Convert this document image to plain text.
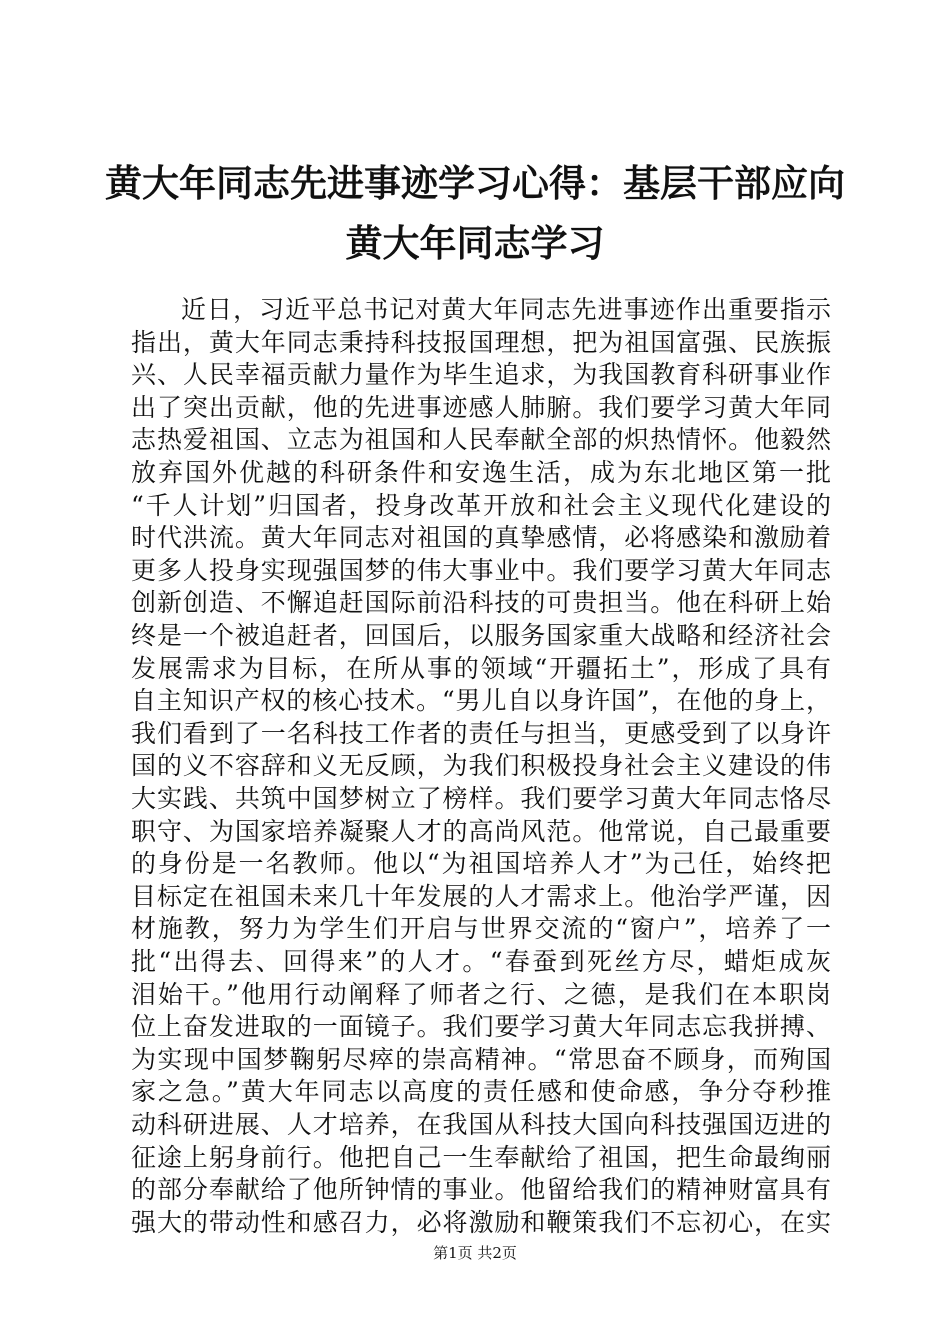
黄大年同志先进事迹学习心得：基层干部应向
黄大年同志学习
近日，习近平总书记对黄大年同志先进事迹作出重要指示
指出，黄大年同志秉持科技报国理想，把为祖国富强、民族振
兴、人民幸福贡献力量作为毕生追求，为我国教育科研事业作
出了突出贡献，他的先进事迹感人肺腑。我们要学习黄大年同
志热爱祖国、立志为祖国和人民奉献全部的炽热情怀。他毅然
放弃国外优越的科研条件和安逸生活，成为东北地区第一批
“千人计划”归国者，投身改革开放和社会主义现代化建设的
时代洪流。黄大年同志对祖国的真挚感情，必将感染和激励着
更多人投身实现强国梦的伟大事业中。我们要学习黄大年同志
创新创造、不懈追赶国际前沿科技的可贵担当。他在科研上始
终是一个被追赶者，回国后，以服务国家重大战略和经济社会
发展需求为目标，在所从事的领域“开疆拓土”，形成了具有
自主知识产权的核心技术。“男儿自以身许国”，在他的身上，
我们看到了一名科技工作者的责任与担当，更感受到了以身许
国的义不容辞和义无反顾，为我们积极投身社会主义建设的伟
大实践、共筑中国梦树立了榜样。我们要学习黄大年同志恪尽
职守、为国家培养凝聚人才的高尚风范。他常说，自己最重要
的身份是一名教师。他以“为祖国培养人才”为己任，始终把
目标定在祖国未来几十年发展的人才需求上。他治学严谨，因
材施教，努力为学生们开启与世界交流的“窗户”，培养了一
批“出得去、回得来”的人才。“春蚕到死丝方尽，蜡炬成灰
泪始干。”他用行动阐释了师者之行、之德，是我们在本职岗
位上奋发进取的一面镜子。我们要学习黄大年同志忘我拼搏、
为实现中国梦鞠躬尽瘁的崇高精神。“常思奋不顾身，而殉国
家之急。”黄大年同志以高度的责任感和使命感，争分夺秒推
动科研进展、人才培养，在我国从科技大国向科技强国迈进的
征途上躬身前行。他把自己一生奉献给了祖国，把生命最绚丽
的部分奉献给了他所钟情的事业。他留给我们的精神财富具有
强大的带动性和感召力，必将激励和鞭策我们不忘初心，在实
第1页 共2页
